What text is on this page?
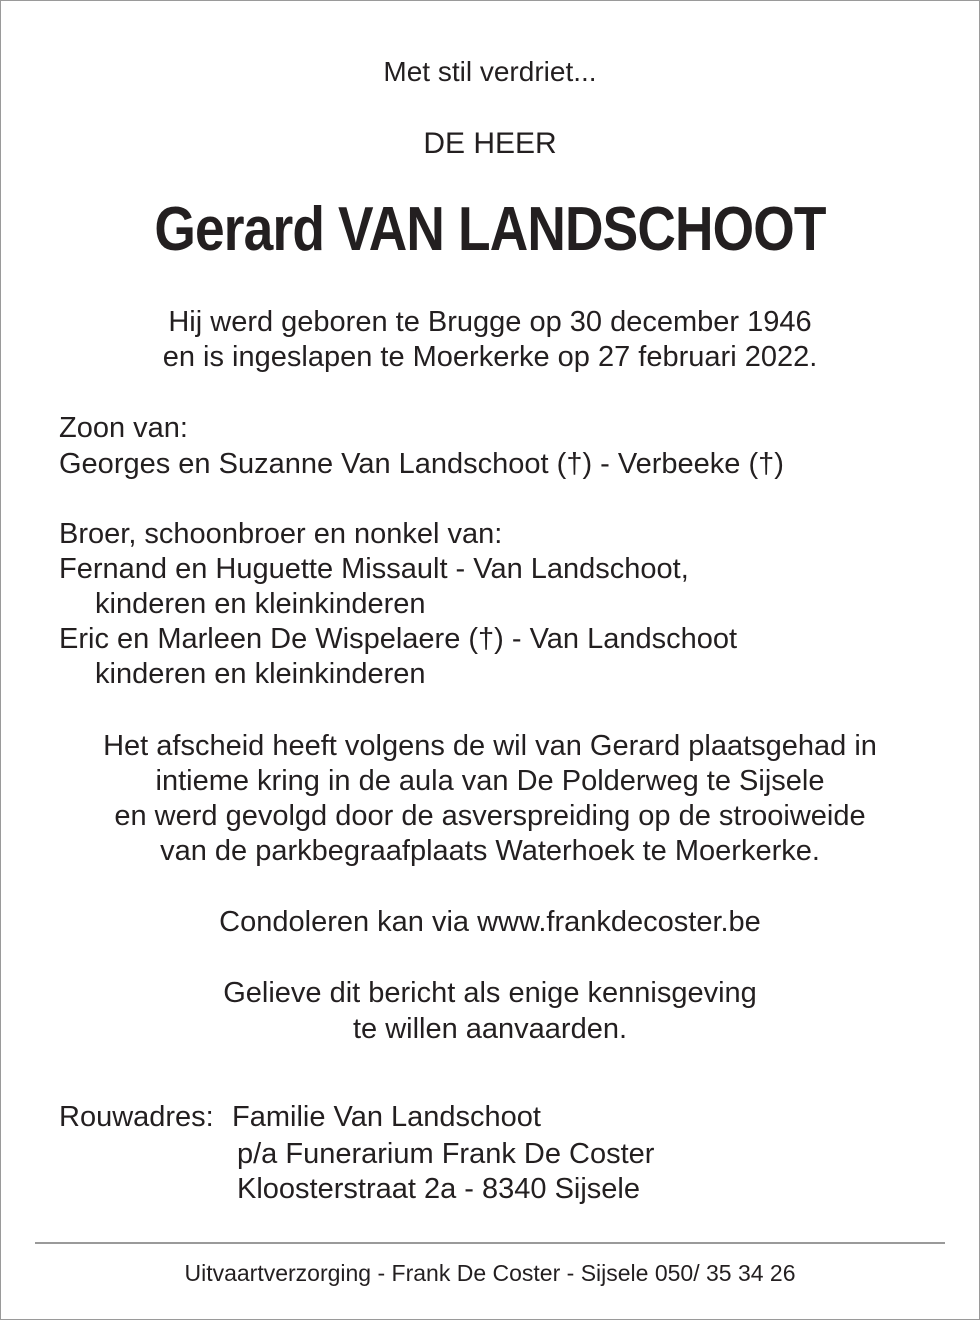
Met stil verdriet...
DE HEER
Gerard VAN LANDSCHOOT
Hij werd geboren te Brugge op 30 december 1946
en is ingeslapen te Moerkerke op 27 februari 2022.
Zoon van:
Georges en Suzanne Van Landschoot (†) - Verbeeke (†)
Broer, schoonbroer en nonkel van:
Fernand en Huguette Missault - Van Landschoot,
kinderen en kleinkinderen
Eric en Marleen De Wispelaere (†) - Van Landschoot
kinderen en kleinkinderen
Het afscheid heeft volgens de wil van Gerard plaatsgehad in
intieme kring in de aula van De Polderweg te Sijsele
en werd gevolgd door de asverspreiding op de strooiweide
van de parkbegraafplaats Waterhoek te Moerkerke.
Condoleren kan via www.frankdecoster.be
Gelieve dit bericht als enige kennisgeving
te willen aanvaarden.
Rouwadres: Familie Van Landschoot
p/a Funerarium Frank De Coster
Kloosterstraat 2a - 8340 Sijsele
Uitvaartverzorging - Frank De Coster - Sijsele 050/ 35 34 26
